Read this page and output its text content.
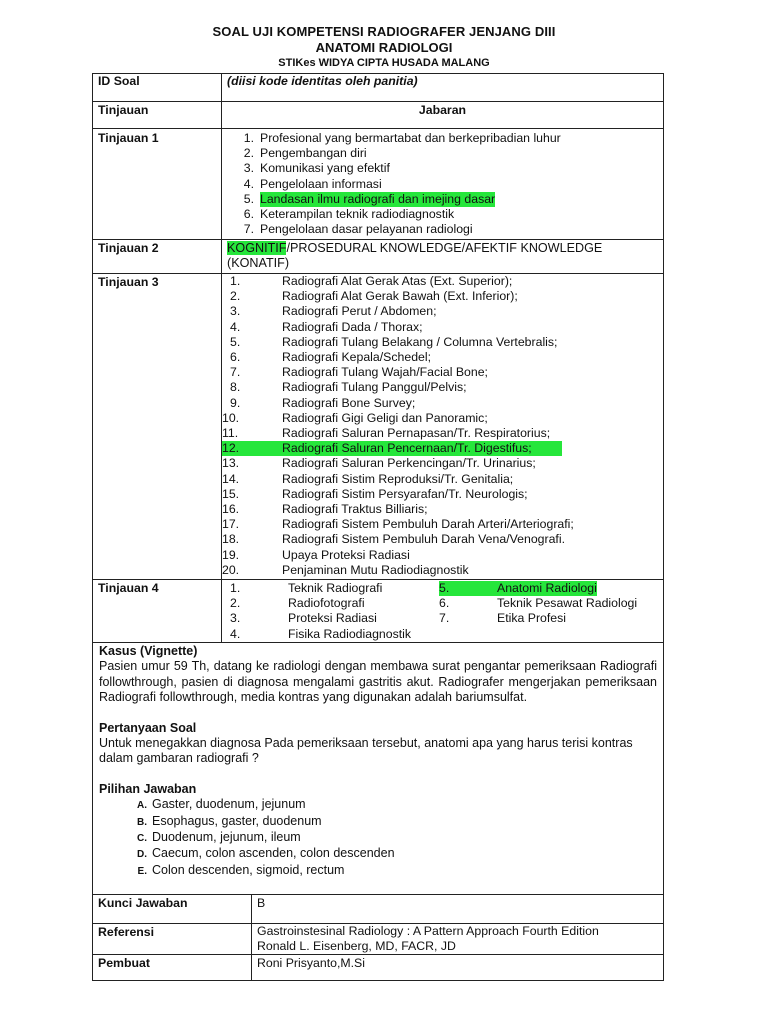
SOAL UJI KOMPETENSI RADIOGRAFER JENJANG DIII
ANATOMI RADIOLOGI
STIKes WIDYA CIPTA HUSADA MALANG
ID Soal	(diisi kode identitas oleh panitia)
Tinjauan	Jabaran
Tinjauan 1	1. Profesional yang bermartabat dan berkepribadian luhur
2. Pengembangan diri
3. Komunikasi yang efektif
4. Pengelolaan informasi
5. Landasan ilmu radiografi dan imejing dasar
6. Keterampilan teknik radiodiagnostik
7. Pengelolaan dasar pelayanan radiologi
Tinjauan 2	KOGNITIF/PROSEDURAL KNOWLEDGE/AFEKTIF KNOWLEDGE (KONATIF)
Tinjauan 3	1.	Radiografi Alat Gerak Atas (Ext. Superior);
2.	Radiografi Alat Gerak Bawah (Ext. Inferior);
3.	Radiografi Perut / Abdomen;
4.	Radiografi Dada / Thorax;
5.	Radiografi Tulang Belakang / Columna Vertebralis;
6.	Radiografi Kepala/Schedel;
7.	Radiografi Tulang Wajah/Facial Bone;
8.	Radiografi Tulang Panggul/Pelvis;
9.	Radiografi Bone Survey;
10.	Radiografi Gigi Geligi dan Panoramic;
11.	Radiografi Saluran Pernapasan/Tr. Respiratorius;
12.	Radiografi Saluran Pencernaan/Tr. Digestifus;
13.	Radiografi Saluran Perkencingan/Tr. Urinarius;
14.	Radiografi Sistim Reproduksi/Tr. Genitalia;
15.	Radiografi Sistim Persyarafan/Tr. Neurologis;
16.	Radiografi Traktus Billiaris;
17.	Radiografi Sistem Pembuluh Darah Arteri/Arteriografi;
18.	Radiografi Sistem Pembuluh Darah Vena/Venografi.
19.	Upaya Proteksi Radiasi
20.	Penjaminan Mutu Radiodiagnostik
Tinjauan 4	1.	Teknik Radiografi
2.	Radiofotografi
3.	Proteksi Radiasi
4.	Fisika Radiodiagnostik
5.	Anatomi Radiologi
6.	Teknik Pesawat Radiologi
7.	Etika Profesi

Kasus (Vignette)

Pasien umur 59 Th, datang ke radiologi dengan membawa surat pengantar pemeriksaan Radiografi followthrough, pasien di diagnosa mengalami gastritis akut. Radiografer mengerjakan pemeriksaan Radiografi followthrough, media kontras yang digunakan adalah bariumsulfat.

Pertanyaan Soal

Untuk menegakkan diagnosa Pada pemeriksaan tersebut, anatomi apa yang harus terisi kontras dalam gambaran radiografi ?

Pilihan Jawaban

A. Gaster, duodenum, jejunum
B. Esophagus, gaster, duodenum
C. Duodenum, jejunum, ileum
D. Caecum, colon ascenden, colon descenden
E. Colon descenden, sigmoid, rectum
Kunci Jawaban	B
Referensi	Gastroinstesinal Radiology : A Pattern Approach Fourth Edition
Ronald L. Eisenberg, MD, FACR, JD
Pembuat	Roni Prisyanto,M.Si
